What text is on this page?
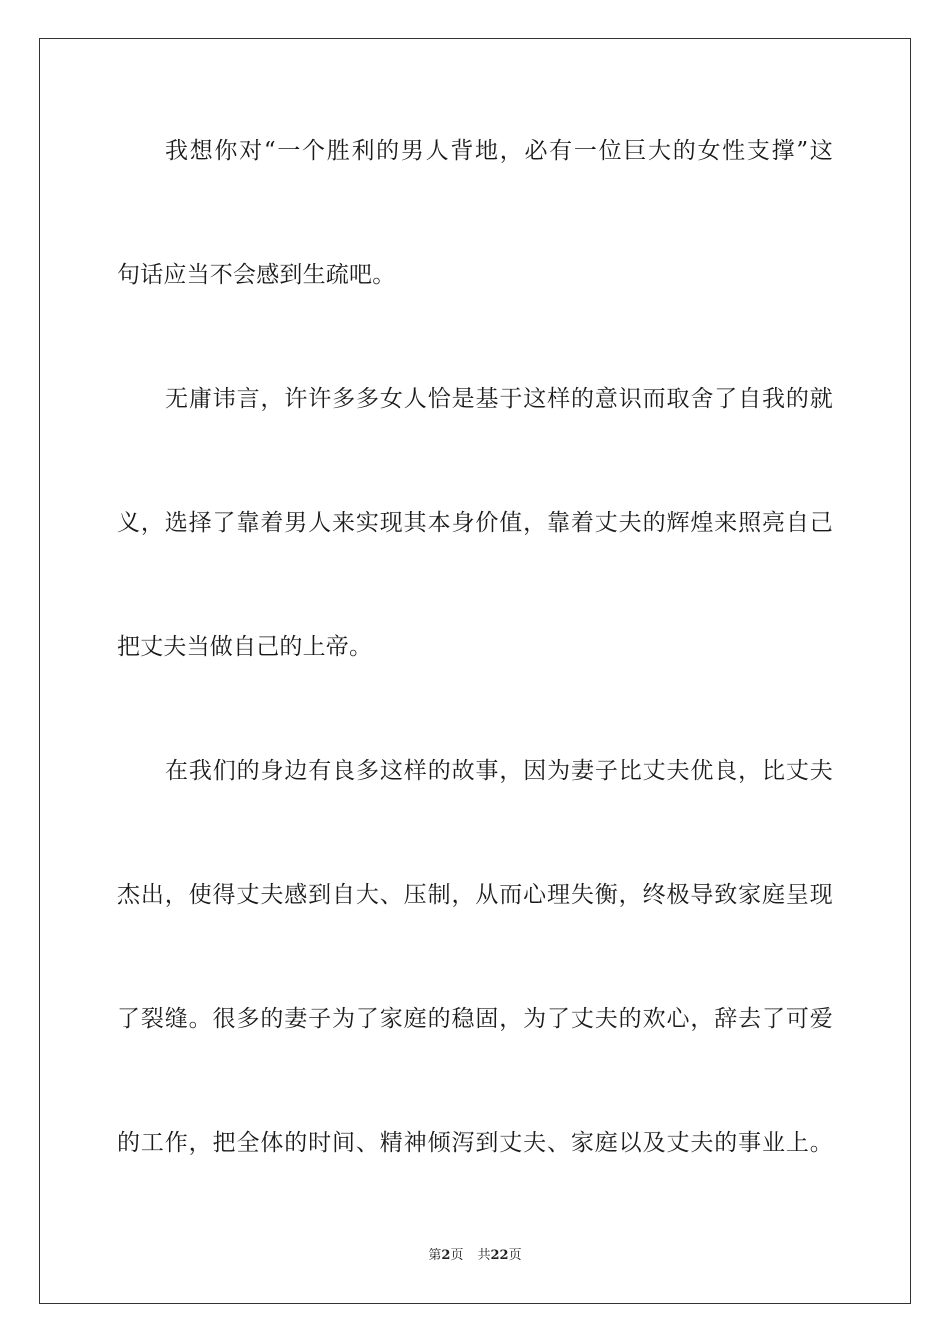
我想你对“一个胜利的男人背地，必有一位巨大的女性支撑”这
句话应当不会感到生疏吧。
无庸讳言，许许多多女人恰是基于这样的意识而取舍了自我的就
义，选择了靠着男人来实现其本身价值，靠着丈夫的辉煌来照亮自己
把丈夫当做自己的上帝。
在我们的身边有良多这样的故事，因为妻子比丈夫优良，比丈夫
杰出，使得丈夫感到自大、压制，从而心理失衡，终极导致家庭呈现
了裂缝。很多的妻子为了家庭的稳固，为了丈夫的欢心，辞去了可爱
的工作，把全体的时间、精神倾泻到丈夫、家庭以及丈夫的事业上。
第2页 共22页
